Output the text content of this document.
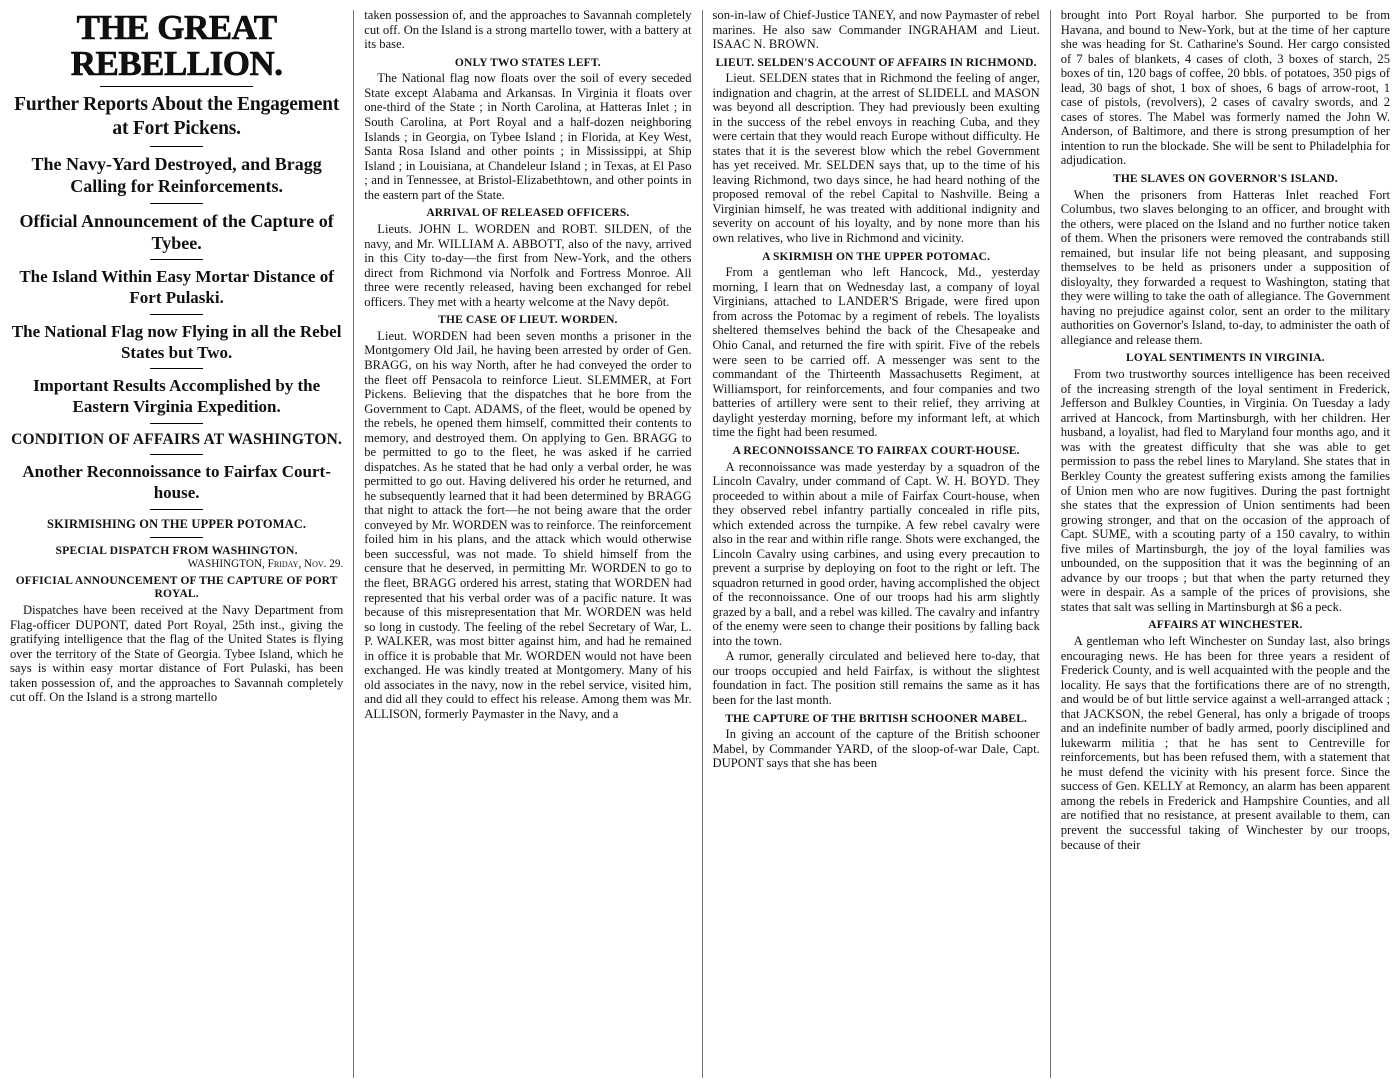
THE GREAT REBELLION.
Further Reports About the Engagement at Fort Pickens.
The Navy-Yard Destroyed, and Bragg Calling for Reinforcements.
Official Announcement of the Capture of Tybee.
The Island Within Easy Mortar Distance of Fort Pulaski.
The National Flag now Flying in all the Rebel States but Two.
Important Results Accomplished by the Eastern Virginia Expedition.
CONDITION OF AFFAIRS AT WASHINGTON.
Another Reconnoissance to Fairfax Court-house.
SKIRMISHING ON THE UPPER POTOMAC.
SPECIAL DISPATCH FROM WASHINGTON.
WASHINGTON, Friday, Nov. 29.
OFFICIAL ANNOUNCEMENT OF THE CAPTURE OF PORT ROYAL.

Dispatches have been received at the Navy Department from Flag-officer DUPONT, dated Port Royal, 25th inst., giving the gratifying intelligence that the flag of the United States is flying over the territory of the State of Georgia. Tybee Island, which he says is within easy mortar distance of Fort Pulaski, has been taken possession of, and the approaches to Savannah completely cut off. On the Island is a strong martello

taken possession of, and the approaches to Savannah completely cut off. On the Island is a strong martello tower, with a battery at its base.

ONLY TWO STATES LEFT.

The National flag now floats over the soil of every seceded State except Alabama and Arkansas. In Virginia it floats over one-third of the State ; in North Carolina, at Hatteras Inlet ; in South Carolina, at Port Royal and a half-dozen neighboring Islands ; in Georgia, on Tybee Island ; in Florida, at Key West, Santa Rosa Island and other points ; in Mississippi, at Ship Island ; in Louisiana, at Chandeleur Island ; in Texas, at El Paso ; and in Tennessee, at Bristol-Elizabethtown, and other points in the eastern part of the State.

ARRIVAL OF RELEASED OFFICERS.

Lieuts. JOHN L. WORDEN and ROBT. SILDEN, of the navy, and Mr. WILLIAM A. ABBOTT, also of the navy, arrived in this City to-day—the first from New-York, and the others direct from Richmond via Norfolk and Fortress Monroe. All three were recently released, having been exchanged for rebel officers. They met with a hearty welcome at the Navy depôt.

THE CASE OF LIEUT. WORDEN.

Lieut. WORDEN had been seven months a prisoner in the Montgomery Old Jail, he having been arrested by order of Gen. BRAGG, on his way North, after he had conveyed the order to the fleet off Pensacola to reinforce Lieut. SLEMMER, at Fort Pickens. Believing that the dispatches that he bore from the Government to Capt. ADAMS, of the fleet, would be opened by the rebels, he opened them himself, committed their contents to memory, and destroyed them. On applying to Gen. BRAGG to be permitted to go to the fleet, he was asked if he carried dispatches. As he stated that he had only a verbal order, he was permitted to go out. Having delivered his order he returned, and he subsequently learned that it had been determined by BRAGG that night to attack the fort—he not being aware that the order conveyed by Mr. WORDEN was to reinforce. The reinforcement foiled him in his plans, and the attack which would otherwise been successful, was not made. To shield himself from the censure that he deserved, in permitting Mr. WORDEN to go to the fleet, BRAGG ordered his arrest, stating that WORDEN had represented that his verbal order was of a pacific nature. It was because of this misrepresentation that Mr. WORDEN was held so long in custody. The feeling of the rebel Secretary of War, L. P. WALKER, was most bitter against him, and had he remained in office it is probable that Mr. WORDEN would not have been exchanged. He was kindly treated at Montgomery. Many of his old associates in the navy, now in the rebel service, visited him, and did all they could to effect his release. Among them was Mr. ALLISON, formerly Paymaster in the Navy, and a

son-in-law of Chief-Justice TANEY, and now Paymaster of rebel marines. He also saw Commander INGRAHAM and Lieut. ISAAC N. BROWN.

LIEUT. SELDEN'S ACCOUNT OF AFFAIRS IN RICHMOND.

Lieut. SELDEN states that in Richmond the feeling of anger, indignation and chagrin, at the arrest of SLIDELL and MASON was beyond all description. They had previously been exulting in the success of the rebel envoys in reaching Cuba, and they were certain that they would reach Europe without difficulty. He states that it is the severest blow which the rebel Government has yet received. Mr. SELDEN says that, up to the time of his leaving Richmond, two days since, he had heard nothing of the proposed removal of the rebel Capital to Nashville. Being a Virginian himself, he was treated with additional indignity and severity on account of his loyalty, and by none more than his own relatives, who live in Richmond and vicinity.

A SKIRMISH ON THE UPPER POTOMAC.

From a gentleman who left Hancock, Md., yesterday morning, I learn that on Wednesday last, a company of loyal Virginians, attached to LANDER'S Brigade, were fired upon from across the Potomac by a regiment of rebels. The loyalists sheltered themselves behind the back of the Chesapeake and Ohio Canal, and returned the fire with spirit. Five of the rebels were seen to be carried off. A messenger was sent to the commandant of the Thirteenth Massachusetts Regiment, at Williamsport, for reinforcements, and four companies and two batteries of artillery were sent to their relief, they arriving at daylight yesterday morning, before my informant left, at which time the fight had been resumed.

A RECONNOISSANCE TO FAIRFAX COURT-HOUSE.

A reconnoissance was made yesterday by a squadron of the Lincoln Cavalry, under command of Capt. W. H. BOYD. They proceeded to within about a mile of Fairfax Court-house, when they observed rebel infantry partially concealed in rifle pits, which extended across the turnpike. A few rebel cavalry were also in the rear and within rifle range. Shots were exchanged, the Lincoln Cavalry using carbines, and using every precaution to prevent a surprise by deploying on foot to the right or left. The squadron returned in good order, having accomplished the object of the reconnoissance. One of our troops had his arm slightly grazed by a ball, and a rebel was killed. The cavalry and infantry of the enemy were seen to change their positions by falling back into the town.

A rumor, generally circulated and believed here to-day, that our troops occupied and held Fairfax, is without the slightest foundation in fact. The position still remains the same as it has been for the last month.

THE CAPTURE OF THE BRITISH SCHOONER MABEL.

In giving an account of the capture of the British schooner Mabel, by Commander YARD, of the sloop-of-war Dale, Capt. DUPONT says that she has been

brought into Port Royal harbor. She purported to be from Havana, and bound to New-York, but at the time of her capture she was heading for St. Catharine's Sound. Her cargo consisted of 7 bales of blankets, 4 cases of cloth, 3 boxes of starch, 25 boxes of tin, 120 bags of coffee, 20 bbls. of potatoes, 350 pigs of lead, 30 bags of shot, 1 box of shoes, 6 bags of arrow-root, 1 case of pistols, (revolvers), 2 cases of cavalry swords, and 2 cases of stores. The Mabel was formerly named the John W. Anderson, of Baltimore, and there is strong presumption of her intention to run the blockade. She will be sent to Philadelphia for adjudication.

THE SLAVES ON GOVERNOR'S ISLAND.

When the prisoners from Hatteras Inlet reached Fort Columbus, two slaves belonging to an officer, and brought with the others, were placed on the Island and no further notice taken of them. When the prisoners were removed the contrabands still remained, but insular life not being pleasant, and supposing themselves to be held as prisoners under a supposition of disloyalty, they forwarded a request to Washington, stating that they were willing to take the oath of allegiance. The Government having no prejudice against color, sent an order to the military authorities on Governor's Island, to-day, to administer the oath of allegiance and release them.

LOYAL SENTIMENTS IN VIRGINIA.

From two trustworthy sources intelligence has been received of the increasing strength of the loyal sentiment in Frederick, Jefferson and Bulkley Counties, in Virginia. On Tuesday a lady arrived at Hancock, from Martinsburgh, with her children. Her husband, a loyalist, had fled to Maryland four months ago, and it was with the greatest difficulty that she was able to get permission to pass the rebel lines to Maryland. She states that in Berkley County the greatest suffering exists among the families of Union men who are now fugitives. During the past fortnight she states that the expression of Union sentiments had been growing stronger, and that on the occasion of the approach of Capt. SUME, with a scouting party of a 150 cavalry, to within five miles of Martinsburgh, the joy of the loyal families was unbounded, on the supposition that it was the beginning of an advance by our troops ; but that when the party returned they were in despair. As a sample of the prices of provisions, she states that salt was selling in Martinsburgh at $6 a peck.

AFFAIRS AT WINCHESTER.

A gentleman who left Winchester on Sunday last, also brings encouraging news. He has been for three years a resident of Frederick County, and is well acquainted with the people and the locality. He says that the fortifications there are of no strength, and would be of but little service against a well-arranged attack ; that JACKSON, the rebel General, has only a brigade of troops and an indefinite number of badly armed, poorly disciplined and lukewarm militia ; that he has sent to Centreville for reinforcements, but has been refused them, with a statement that he must defend the vicinity with his present force. Since the success of Gen. KELLY at Remoncy, an alarm has been apparent among the rebels in Frederick and Hampshire Counties, and all are notified that no resistance, at present available to them, can prevent the successful taking of Winchester by our troops, because of their
